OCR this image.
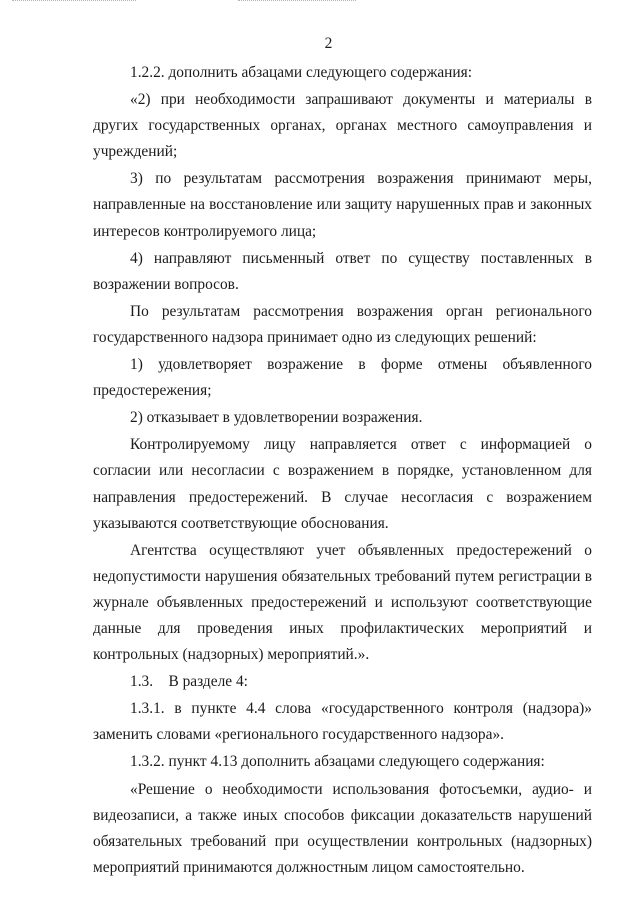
2

1.2.2. дополнить абзацами следующего содержания:

«2) при необходимости запрашивают документы и материалы в других государственных органах, органах местного самоуправления и учреждений;

3) по результатам рассмотрения возражения принимают меры, направленные на восстановление или защиту нарушенных прав и законных интересов контролируемого лица;

4) направляют письменный ответ по существу поставленных в возражении вопросов.

По результатам рассмотрения возражения орган регионального государственного надзора принимает одно из следующих решений:

1) удовлетворяет возражение в форме отмены объявленного предостережения;

2) отказывает в удовлетворении возражения.

Контролируемому лицу направляется ответ с информацией о согласии или несогласии с возражением в порядке, установленном для направления предостережений. В случае несогласия с возражением указываются соответствующие обоснования.

Агентства осуществляют учет объявленных предостережений о недопустимости нарушения обязательных требований путем регистрации в журнале объявленных предостережений и используют соответствующие данные для проведения иных профилактических мероприятий и контрольных (надзорных) мероприятий.».

1.3.    В разделе 4:

1.3.1. в пункте 4.4 слова «государственного контроля (надзора)» заменить словами «регионального государственного надзора».

1.3.2. пункт 4.13 дополнить абзацами следующего содержания:

«Решение о необходимости использования фотосъемки, аудио- и видеозаписи, а также иных способов фиксации доказательств нарушений обязательных требований при осуществлении контрольных (надзорных) мероприятий принимаются должностным лицом самостоятельно.
